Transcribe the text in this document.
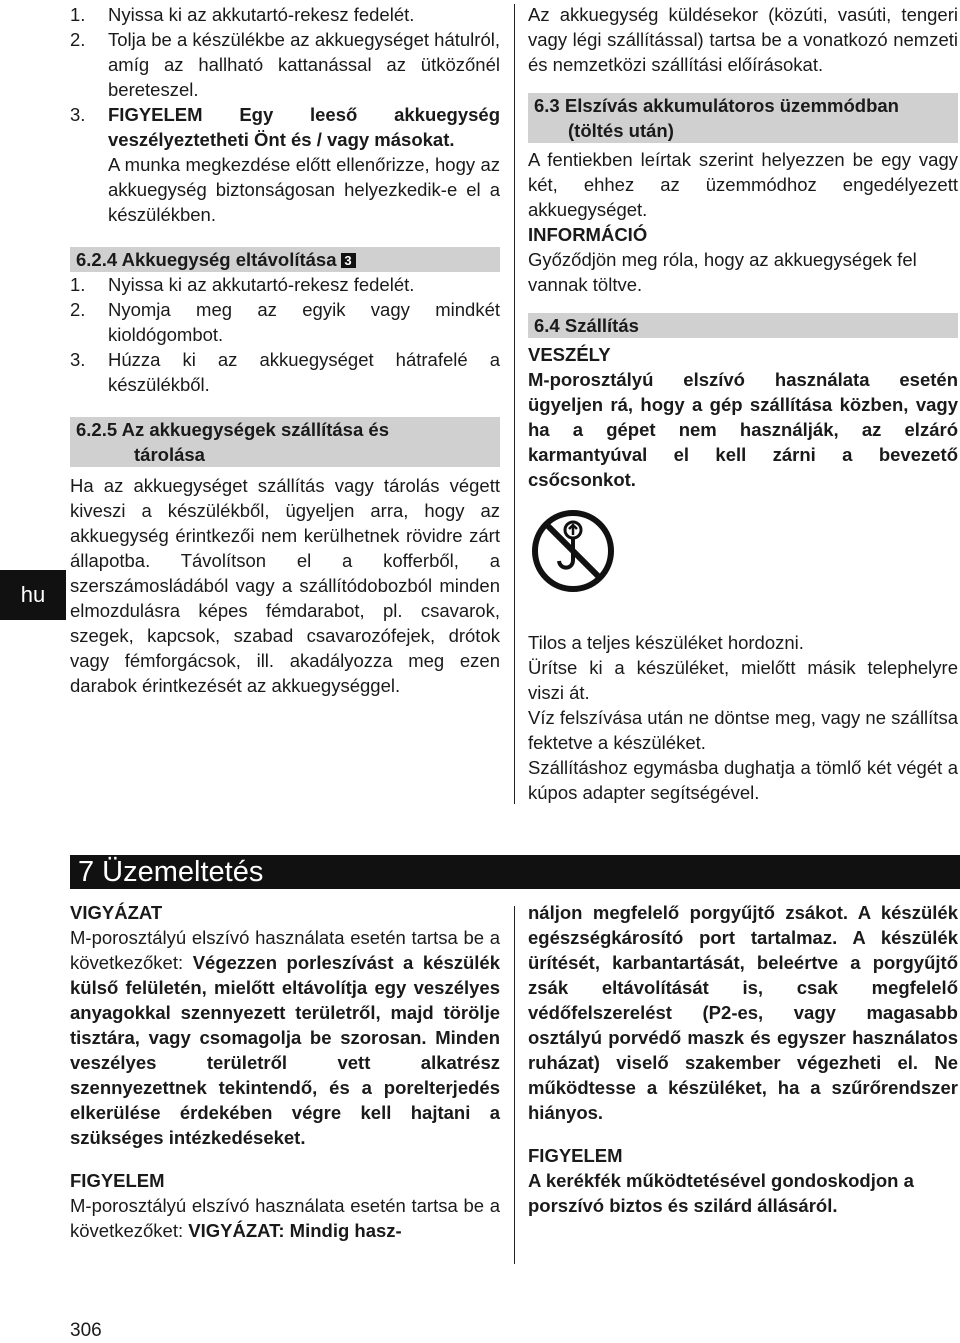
hu
1. Nyissa ki az akkutartó-rekesz fedelét.
2. Tolja be a készülékbe az akkuegységet hátulról, amíg az hallható kattanással az ütközőnél bereteszel.
3. FIGYELEM Egy leeső akkuegység veszélyeztetheti Önt és / vagy másokat.
A munka megkezdése előtt ellenőrizze, hogy az akkuegység biztonságosan helyezkedik-e el a készülékben.
6.2.4 Akkuegység eltávolítása 3
1. Nyissa ki az akkutartó-rekesz fedelét.
2. Nyomja meg az egyik vagy mindkét kioldógombot.
3. Húzza ki az akkuegységet hátrafelé a készülékből.
6.2.5 Az akkuegységek szállítása és
tárolása

Ha az akkuegységet szállítás vagy tárolás végett kiveszi a készülékből, ügyeljen arra, hogy az akkuegység érintkezői nem kerülhetnek rövidre zárt állapotba. Távolítson el a kofferből, a szerszámosládából vagy a szállítódobozból minden elmozdulásra képes fémdarabot, pl. csavarok, szegek, kapcsok, szabad csavarozófejek, drótok vagy fémforgácsok, ill. akadályozza meg ezen darabok érintkezését az akkuegységgel.

Az akkuegység küldésekor (közúti, vasúti, tengeri vagy légi szállítással) tartsa be a vonatkozó nemzeti és nemzetközi szállítási előírásokat.

6.3 Elszívás akkumulátoros üzemmódban
(töltés után)

A fentiekben leírtak szerint helyezzen be egy vagy két, ehhez az üzemmódhoz engedélyezett akkuegységet.

INFORMÁCIÓ

Győződjön meg róla, hogy az akkuegységek fel vannak töltve.

6.4 Szállítás

VESZÉLY

M-porosztályú elszívó használata esetén ügyeljen rá, hogy a gép szállítása közben, vagy ha a gépet nem használják, az elzáró karmantyúval el kell zárni a bevezető csőcsonkot.

Tilos a teljes készüléket hordozni.

Ürítse ki a készüléket, mielőtt másik telephelyre viszi át.

Víz felszívása után ne döntse meg, vagy ne szállítsa fektetve a készüléket.

Szállításhoz egymásba dughatja a tömlő két végét a kúpos adapter segítségével.

7 Üzemeltetés

VIGYÁZAT

M-porosztályú elszívó használata esetén tartsa be a következőket: Végezzen porleszívást a készülék külső felületén, mielőtt eltávolítja egy veszélyes anyagokkal szennyezett területről, majd törölje tisztára, vagy csomagolja be szorosan. Minden veszélyes területről vett alkatrész szennyezettnek tekintendő, és a porelterjedés elkerülése érdekében végre kell hajtani a szükséges intézkedéseket.

FIGYELEM

M-porosztályú elszívó használata esetén tartsa be a következőket: VIGYÁZAT: Mindig hasz-

náljon megfelelő porgyűjtő zsákot. A készülék egészségkárosító port tartalmaz. A készülék ürítését, karbantartását, beleértve a porgyűjtő zsák eltávolítását is, csak megfelelő védőfelszerelést (P2-es, vagy magasabb osztályú porvédő maszk és egyszer használatos ruházat) viselő szakember végezheti el. Ne működtesse a készüléket, ha a szűrőrendszer hiányos.

FIGYELEM

A kerékfék működtetésével gondoskodjon a porszívó biztos és szilárd állásáról.

306
